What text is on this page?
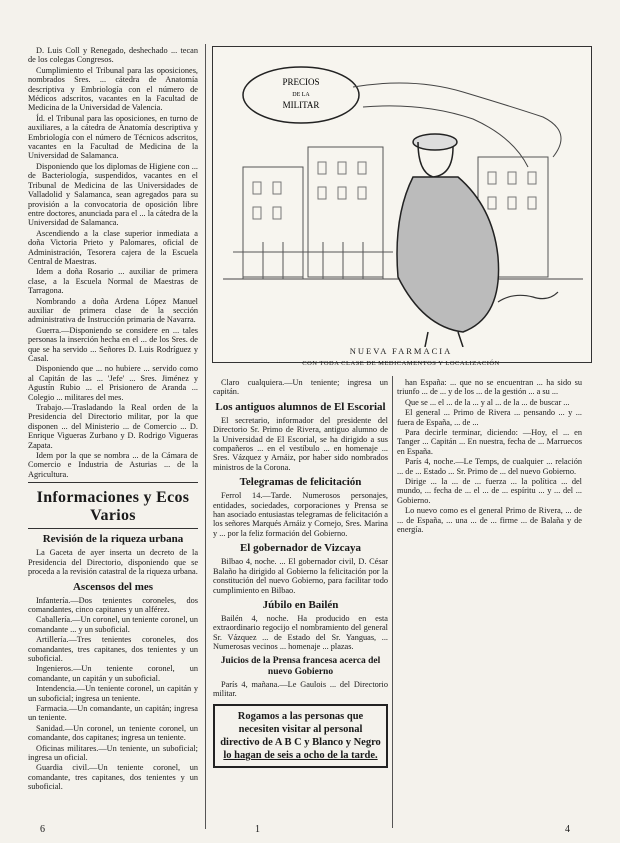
D. Luis Coll y Renegado, deshechado ... tecan de los colegas Congresos.

Cumplimiento el Tribunal para las oposiciones, nombrados Sres. ... cátedra de Anatomía descriptiva y Embriología con el número de Médicos adscritos, vacantes en la Facultad de Medicina de la Universidad de Valencia.

Íd. el Tribunal para las oposiciones, en turno de auxiliares, a la cátedra de Anatomía descriptiva y Embriología con el número de Técnicos adscritos, vacantes en la Facultad de Medicina de la Universidad de Salamanca.

Disponiendo que los diplomas de Higiene con ... de Bacteriología, suspendidos, vacantes en el Tribunal de Medicina de las Universidades de Valladolid y Salamanca, sean agregados para su provisión a la convocatoria de oposición libre entre doctores, anunciada para el ... la cátedra de la Universidad de Salamanca.

Ascendiendo a la clase superior inmediata a doña Victoria Prieto y Palomares, oficial de Administración, Tesorera cajera de la Escuela Central de Maestras.

Idem a doña Rosario ... auxiliar de primera clase, a la Escuela Normal de Maestras de Tarragona.

Nombrando a doña Ardena López Manuel auxiliar de primera clase de la sección administrativa de Instrucción primaria de Navarra.

Guerra.—Disponiendo se considere en ... tales personas la inserción hecha en el ... de los Sres. de que se ha servido ... Señores D. Luis Rodríguez y Casal.

Disponiendo que ... no hubiere ... servido como al Capitán de las ... 'Jefe' ... Sres. Jiménez y Agustín Rubio ... el Prisionero de Aranda ... Colegio ... militares del mes.

Trabajo.—Trasladando la Real orden de la Presidencia del Directorio militar, por la que disponen ... del Ministerio ... de Comercio ... D. Enrique Vigueras Zurbano y D. Rodrigo Vigueras Zapata.

Idem por la que se nombra ... de la Cámara de Comercio e Industria de Asturias ... de la Agricultura.

Informaciones y Ecos Varios
Revisión de la riqueza urbana

La Gaceta de ayer inserta un decreto de la Presidencia del Directorio, disponiendo que se proceda a la revisión catastral de la riqueza urbana.

Ascensos del mes

Infantería.—Dos tenientes coroneles, dos comandantes, cinco capitanes y un alférez.

Caballería.—Un coronel, un teniente coronel, un comandante ... y un suboficial.

Artillería.—Tres tenientes coroneles, dos comandantes, tres capitanes, dos tenientes y un suboficial.

Ingenieros.—Un teniente coronel, un comandante, un capitán y un suboficial.

Intendencia.—Un teniente coronel, un capitán y un suboficial; ingresa un teniente.

Farmacia.—Un comandante, un capitán; ingresa un teniente.

Sanidad.—Un coronel, un teniente coronel, un comandante, dos capitanes; ingresa un teniente.

Oficinas militares.—Un teniente, un suboficial; ingresa un oficial.

Guardia civil.—Un teniente coronel, un comandante, tres capitanes, dos tenientes y un suboficial.

PRECIOS
DE LA
MILITAR
NUEVA FARMACIA
CON TODA CLASE DE MEDICAMENTOS Y LOCALIZACIÓN

Claro cualquiera.—Un teniente; ingresa un capitán.

Los antiguos alumnos de El Escorial

El secretario, informador del presidente del Directorio Sr. Primo de Rivera, antiguo alumno de la Universidad de El Escorial, se ha dirigido a sus compañeros ... en el vestíbulo ... en homenaje ... Sres. Vázquez y Arnáiz, por haber sido nombrados ministros de la Corona.

Telegramas de felicitación

Ferrol 14.—Tarde. Numerosos personajes, entidades, sociedades, corporaciones y Prensa se han asociado entusiastas telegramas de felicitación a los señores Marqués Arnáiz y Cornejo, Sres. Marina y ... por la feliz formación del Gobierno.

El gobernador de Vizcaya

Bilbao 4, noche. ... El gobernador civil, D. César Balaño ha dirigido al Gobierno la felicitación por la constitución del nuevo Gobierno, para facilitar todo cumplimiento en Bilbao.

Júbilo en Bailén

Bailén 4, noche. Ha producido en esta extraordinario regocijo el nombramiento del general Sr. Vázquez ... de Estado del Sr. Yanguas, ... Numerosas vecinos ... homenaje ... plazas.

Juicios de la Prensa francesa acerca del nuevo Gobierno

París 4, mañana.—Le Gaulois ... del Directorio militar.

Rogamos a las personas que necesiten visitar al personal directivo de A B C y Blanco y Negro lo hagan de seis a ocho de la tarde.

han España: ... que no se encuentran ... ha sido su triunfo ... de ... y de los ... de la gestión ... a su ...

Que se ... el ... de la ... y al ... de la ... de buscar ...

El general ... Primo de Rivera ... pensando ... y ... fuera de España, ... de ...

Para decirle terminar, diciendo: —Hoy, el ... en Tanger ... Capitán ... En nuestra, fecha de ... Marruecos en España.

París 4, noche.—Le Temps, de cualquier ... relación ... de ... Estado ... Sr. Primo de ... del nuevo Gobierno.

Dirige ... la ... de ... fuerza ... la política ... del mundo, ... fecha de ... el ... de ... espíritu ... y ... del ... Gobierno.

Lo nuevo como es el general Primo de Rivera, ... de ... de España, ... una ... de ... firme ... de Balaña y de energía.

6	1	4
